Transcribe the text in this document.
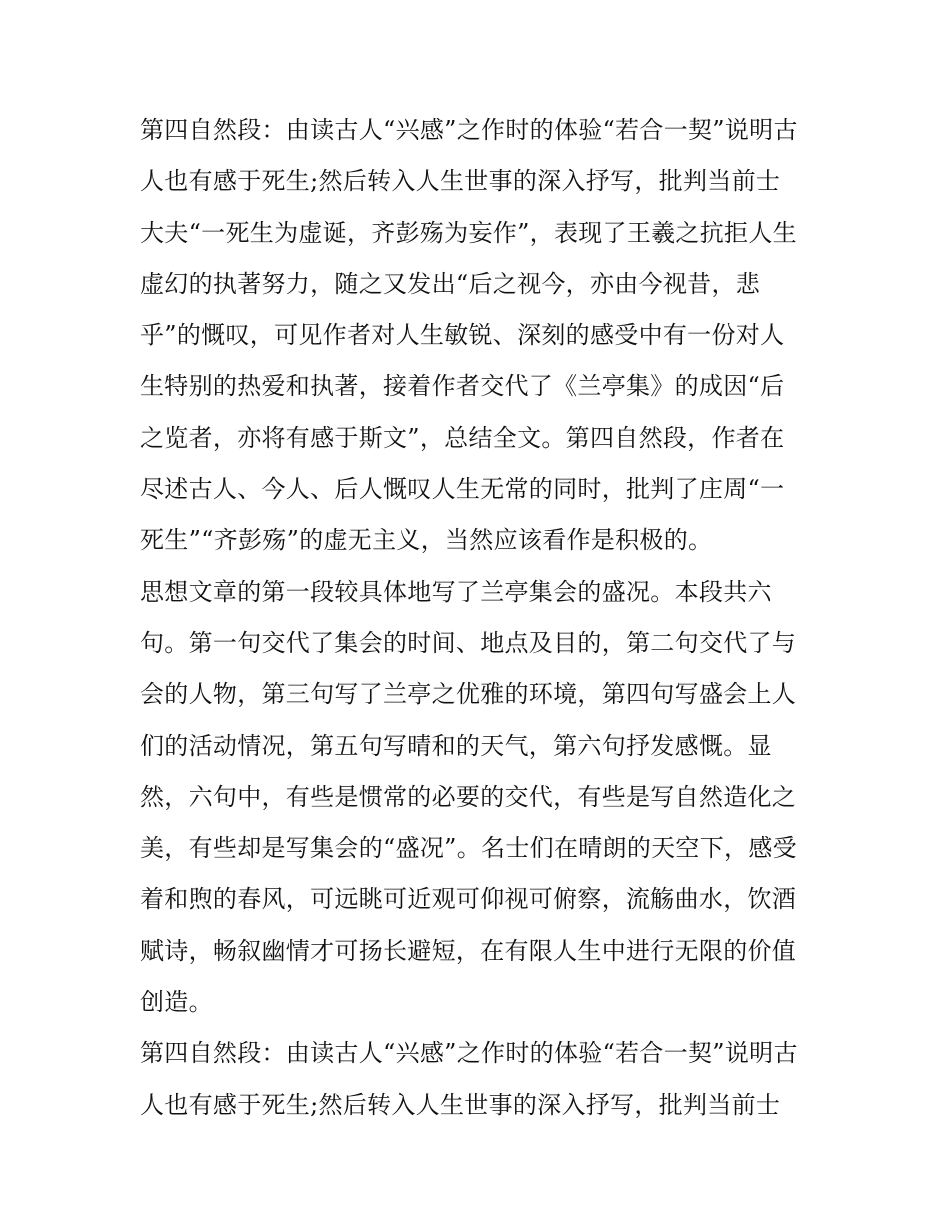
第四自然段：由读古人“兴感”之作时的体验“若合一契”说明古
人也有感于死生;然后转入人生世事的深入抒写，批判当前士
大夫“一死生为虚诞，齐彭殇为妄作”，表现了王羲之抗拒人生
虚幻的执著努力，随之又发出“后之视今，亦由今视昔，悲
乎”的慨叹，可见作者对人生敏锐、深刻的感受中有一份对人
生特别的热爱和执著，接着作者交代了《兰亭集》的成因“后
之览者，亦将有感于斯文”，总结全文。第四自然段，作者在
尽述古人、今人、后人慨叹人生无常的同时，批判了庄周“一
死生”“齐彭殇”的虚无主义，当然应该看作是积极的。
思想文章的第一段较具体地写了兰亭集会的盛况。本段共六
句。第一句交代了集会的时间、地点及目的，第二句交代了与
会的人物，第三句写了兰亭之优雅的环境，第四句写盛会上人
们的活动情况，第五句写晴和的天气，第六句抒发感慨。显
然，六句中，有些是惯常的必要的交代，有些是写自然造化之
美，有些却是写集会的“盛况”。名士们在晴朗的天空下，感受
着和煦的春风，可远眺可近观可仰视可俯察，流觞曲水，饮酒
赋诗，畅叙幽情才可扬长避短，在有限人生中进行无限的价值
创造。
第四自然段：由读古人“兴感”之作时的体验“若合一契”说明古
人也有感于死生;然后转入人生世事的深入抒写，批判当前士
